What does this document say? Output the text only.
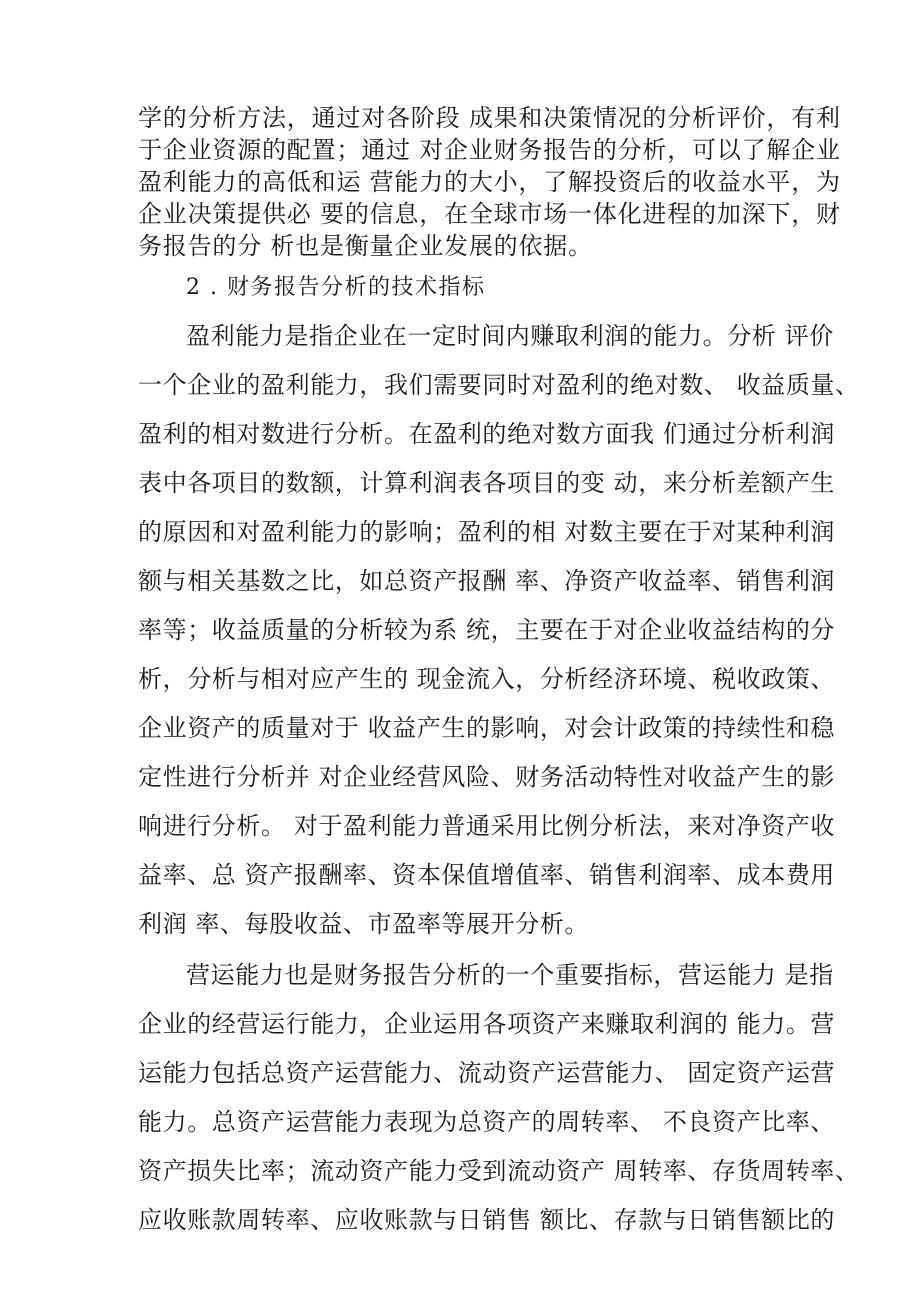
学的分析方法，通过对各阶段 成果和决策情况的分析评价，有利
于企业资源的配置；通过 对企业财务报告的分析，可以了解企业
盈利能力的高低和运 营能力的大小，了解投资后的收益水平，为
企业决策提供必 要的信息，在全球市场一体化进程的加深下，财
务报告的分 析也是衡量企业发展的依据。
2 . 财务报告分析的技术指标
盈利能力是指企业在一定时间内赚取利润的能力。分析 评价
一个企业的盈利能力，我们需要同时对盈利的绝对数、 收益质量、
盈利的相对数进行分析。在盈利的绝对数方面我 们通过分析利润
表中各项目的数额，计算利润表各项目的变 动，来分析差额产生
的原因和对盈利能力的影响；盈利的相 对数主要在于对某种利润
额与相关基数之比，如总资产报酬 率、净资产收益率、销售利润
率等；收益质量的分析较为系 统，主要在于对企业收益结构的分
析，分析与相对应产生的 现金流入，分析经济环境、税收政策、
企业资产的质量对于 收益产生的影响，对会计政策的持续性和稳
定性进行分析并 对企业经营风险、财务活动特性对收益产生的影
响进行分析。 对于盈利能力普通采用比例分析法，来对净资产收
益率、总 资产报酬率、资本保值增值率、销售利润率、成本费用
利润 率、每股收益、市盈率等展开分析。
营运能力也是财务报告分析的一个重要指标，营运能力 是指
企业的经营运行能力，企业运用各项资产来赚取利润的 能力。营
运能力包括总资产运营能力、流动资产运营能力、 固定资产运营
能力。总资产运营能力表现为总资产的周转率、 不良资产比率、
资产损失比率；流动资产能力受到流动资产 周转率、存货周转率、
应收账款周转率、应收账款与日销售 额比、存款与日销售额比的
